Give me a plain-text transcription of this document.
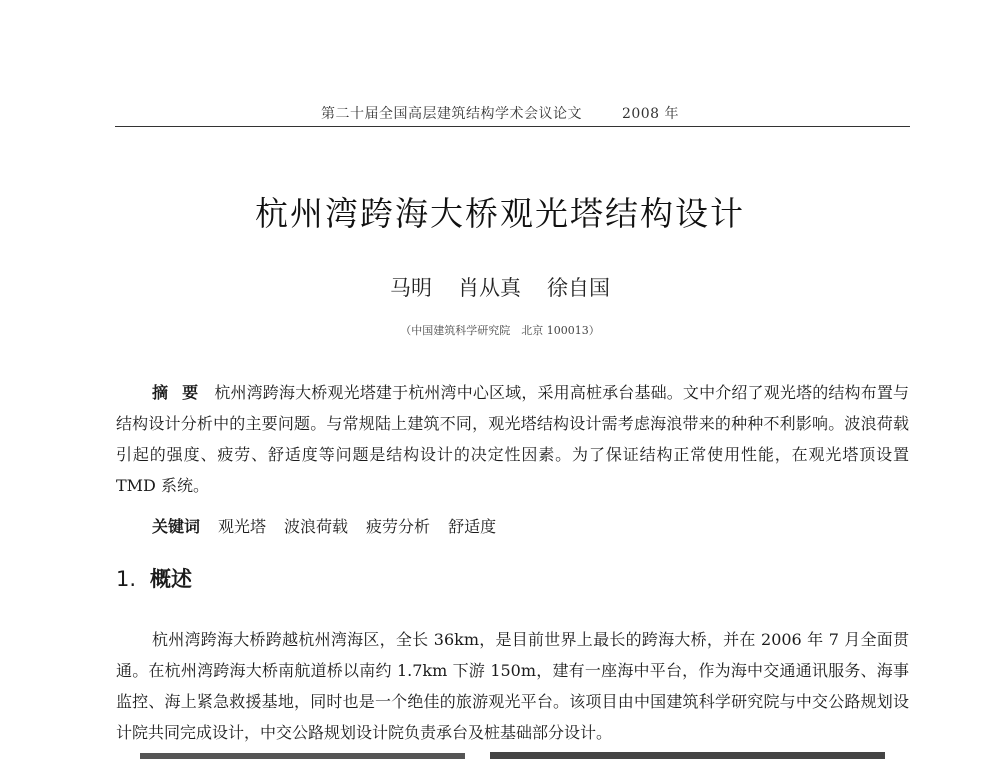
第二十届全国高层建筑结构学术会议论文	2008 年
杭州湾跨海大桥观光塔结构设计
马明 肖从真 徐自国
（中国建筑科学研究院　北京 100013）
摘要 杭州湾跨海大桥观光塔建于杭州湾中心区域，采用高桩承台基础。文中介绍了观光塔的结构布置与结构设计分析中的主要问题。与常规陆上建筑不同，观光塔结构设计需考虑海浪带来的种种不利影响。波浪荷载引起的强度、疲劳、舒适度等问题是结构设计的决定性因素。为了保证结构正常使用性能，在观光塔顶设置 TMD 系统。
关键词 观光塔 波浪荷载 疲劳分析 舒适度
1. 概述
杭州湾跨海大桥跨越杭州湾海区，全长 36km，是目前世界上最长的跨海大桥，并在 2006 年 7 月全面贯通。在杭州湾跨海大桥南航道桥以南约 1.7km 下游 150m，建有一座海中平台，作为海中交通通讯服务、海事监控、海上紧急救援基地，同时也是一个绝佳的旅游观光平台。该项目由中国建筑科学研究院与中交公路规划设计院共同完成设计，中交公路规划设计院负责承台及桩基础部分设计。
